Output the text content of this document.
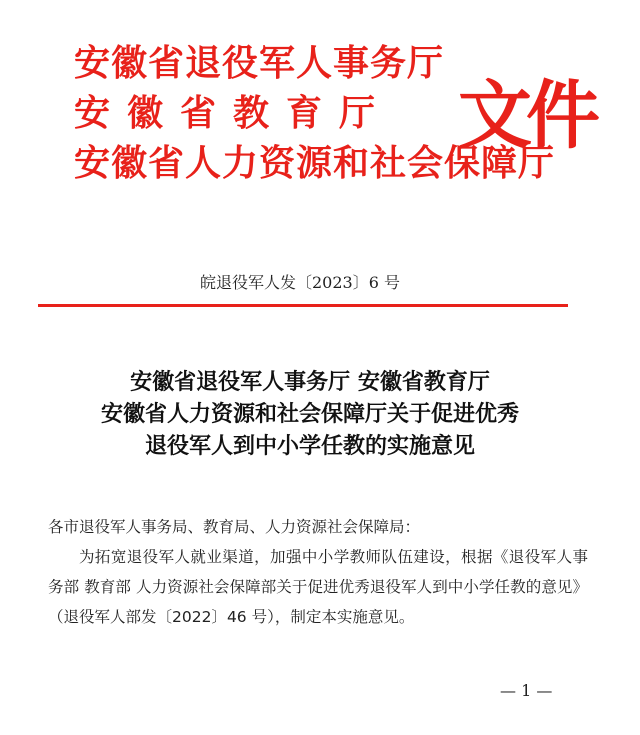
安徽省退役军人事务厅
安徽省教育厅
安徽省人力资源和社会保障厅
文件
皖退役军人发〔2023〕6 号
安徽省退役军人事务厅 安徽省教育厅
安徽省人力资源和社会保障厅关于促进优秀
退役军人到中小学任教的实施意见

各市退役军人事务局、教育局、人力资源社会保障局：

为拓宽退役军人就业渠道，加强中小学教师队伍建设，根据《退役军人事务部 教育部 人力资源社会保障部关于促进优秀退役军人到中小学任教的意见》（退役军人部发〔2022〕46 号），制定本实施意见。

— 1 —
